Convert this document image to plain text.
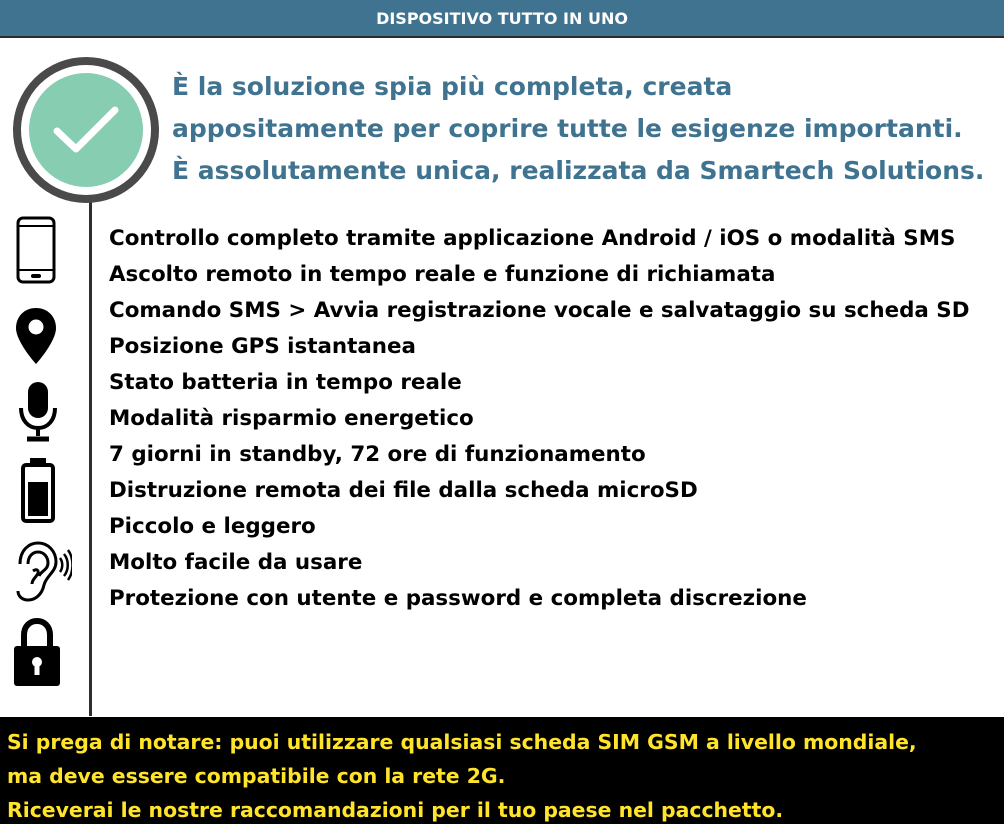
DISPOSITIVO TUTTO IN UNO
È la soluzione spia più completa, creata
appositamente per coprire tutte le esigenze importanti.
È assolutamente unica, realizzata da Smartech Solutions.
Controllo completo tramite applicazione Android / iOS o modalità SMS
Ascolto remoto in tempo reale e funzione di richiamata
Comando SMS > Avvia registrazione vocale e salvataggio su scheda SD
Posizione GPS istantanea
Stato batteria in tempo reale
Modalità risparmio energetico
7 giorni in standby, 72 ore di funzionamento
Distruzione remota dei file dalla scheda microSD
Piccolo e leggero
Molto facile da usare
Protezione con utente e password e completa discrezione
Si prega di notare: puoi utilizzare qualsiasi scheda SIM GSM a livello mondiale,
ma deve essere compatibile con la rete 2G.
Riceverai le nostre raccomandazioni per il tuo paese nel pacchetto.
